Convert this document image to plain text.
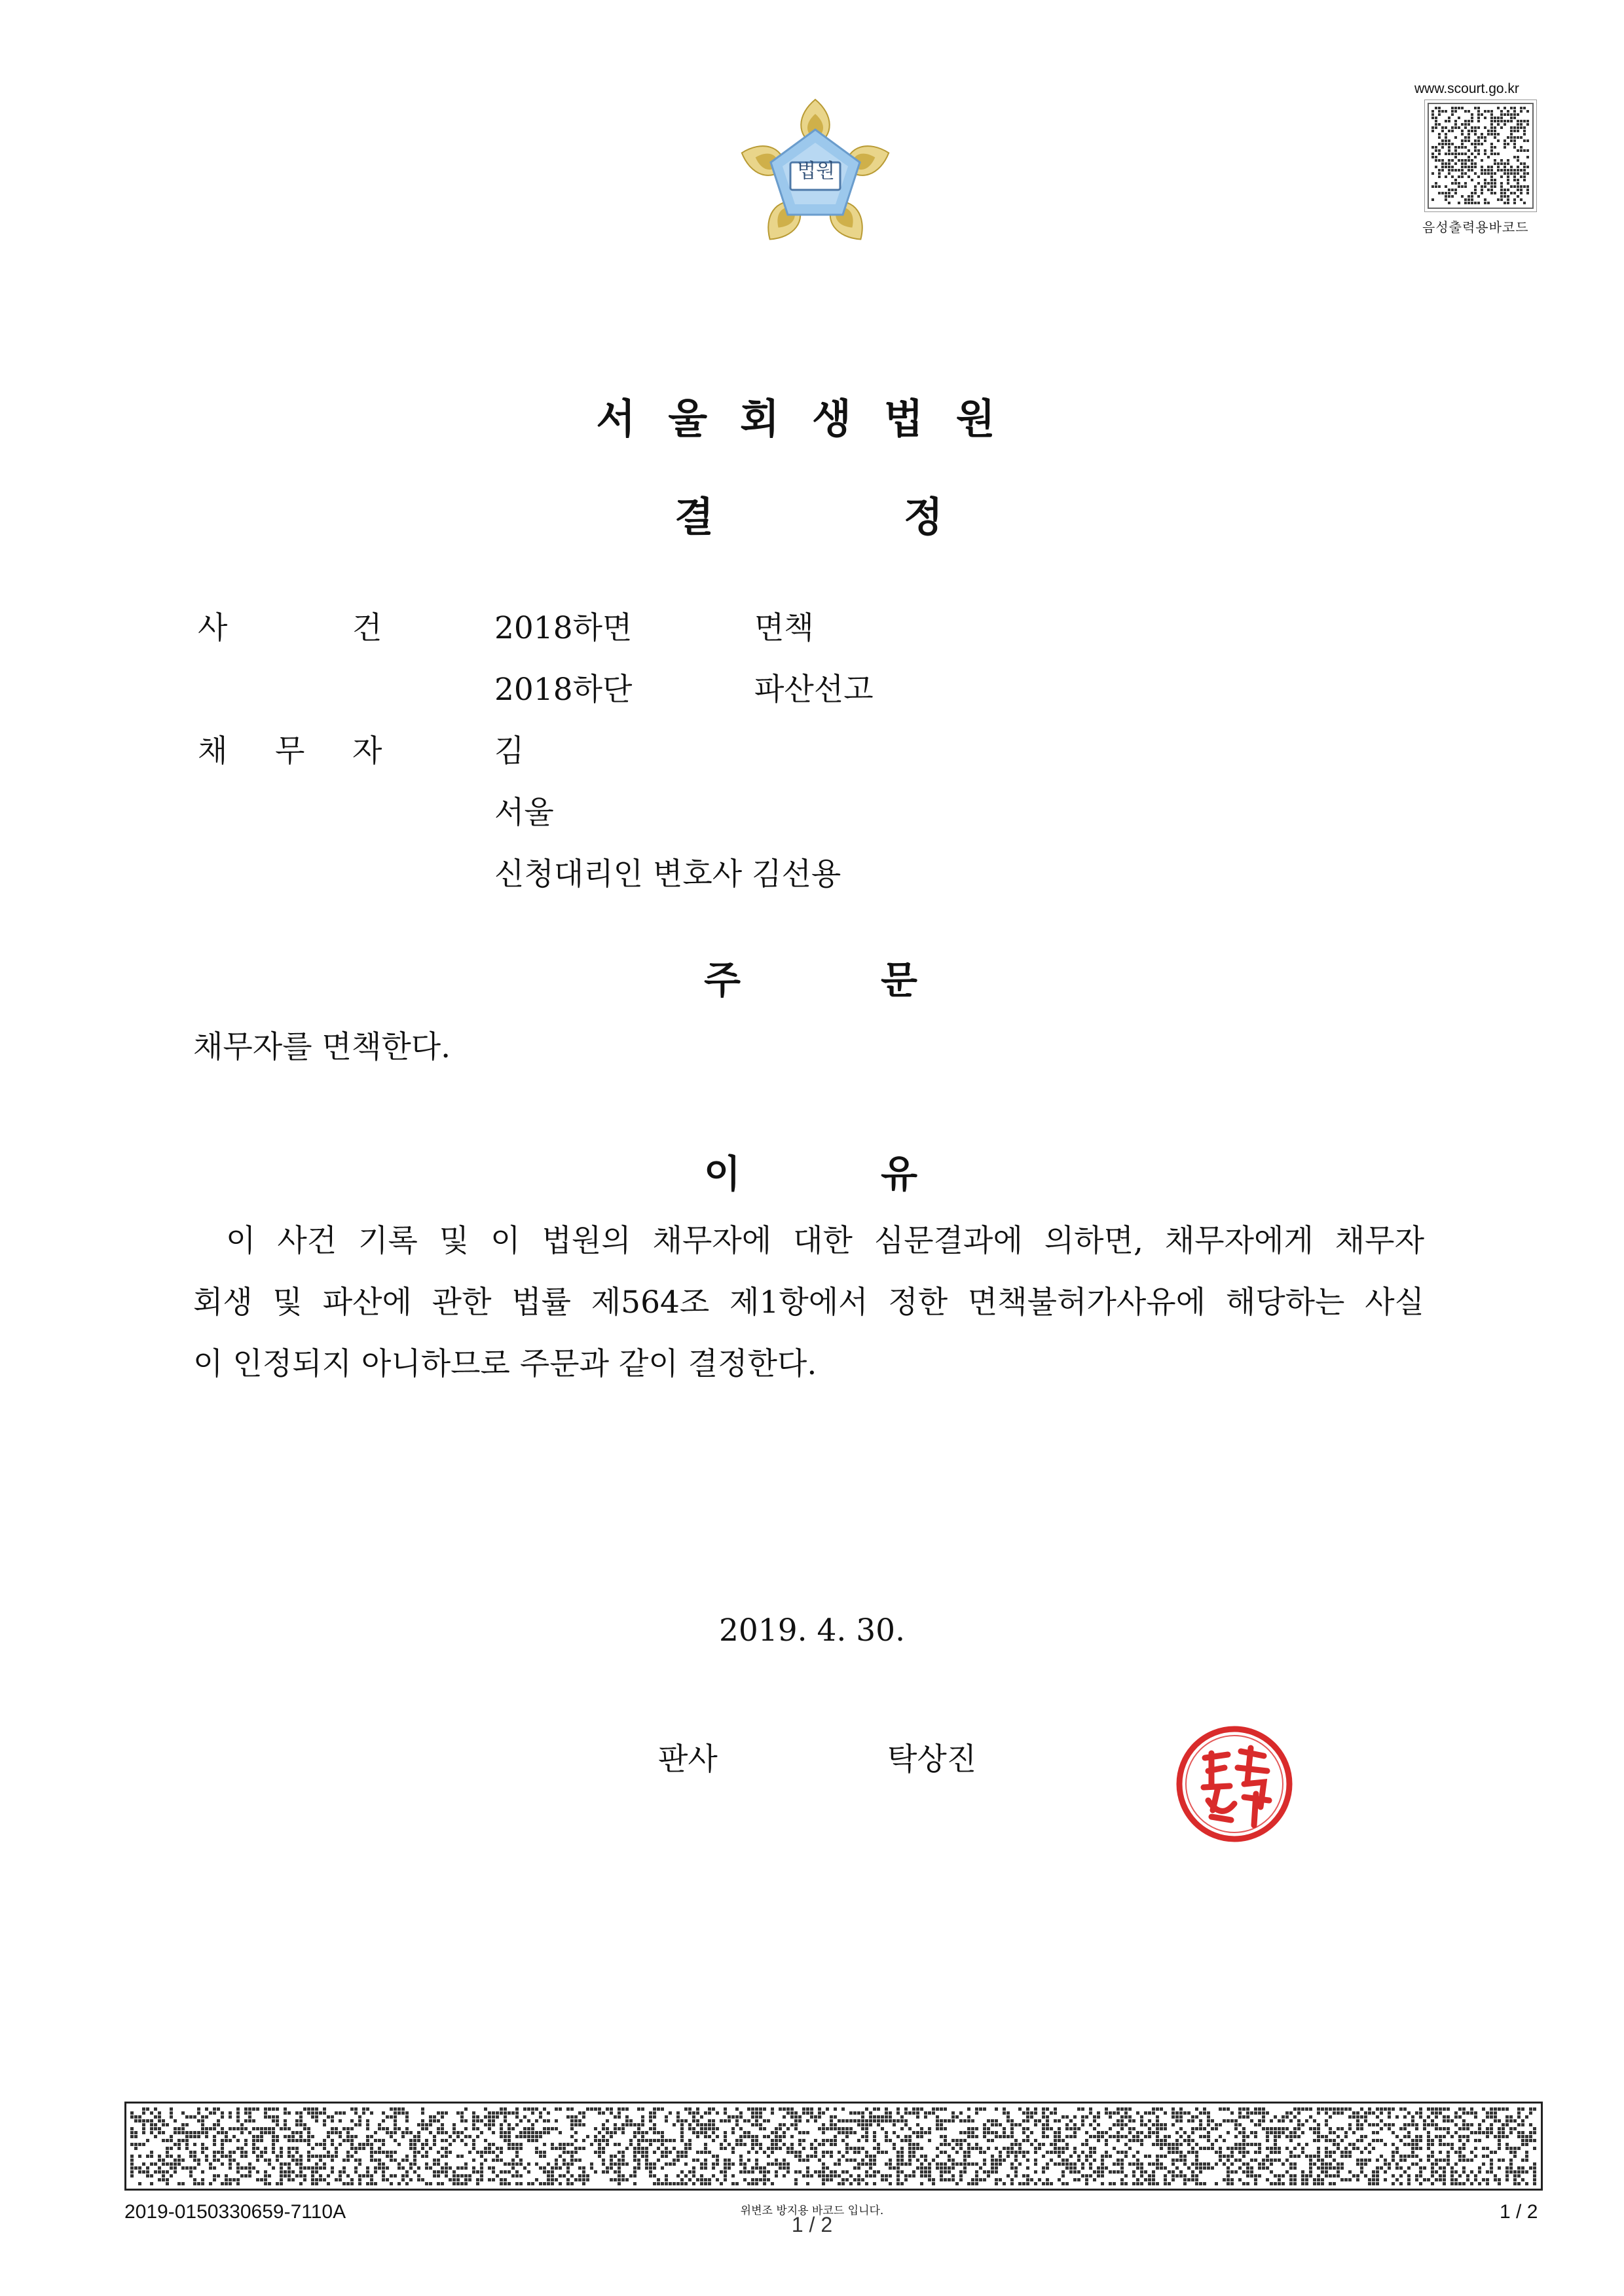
법원
www.scourt.go.kr
음성출력용바코드
서울회생법원
결	정
사	건	2018하면	면책
2018하단	파산선고
채 무 자	김
서울
신청대리인 변호사 김선용
주	문
채무자를 면책한다.
이	유
이 사건 기록 및 이 법원의 채무자에 대한 심문결과에 의하면, 채무자에게 채무자
회생 및 파산에 관한 법률 제564조 제1항에서 정한 면책불허가사유에 해당하는 사실
이 인정되지 아니하므로 주문과 같이 결정한다.
2019. 4. 30.
판사	탁상진
2019-0150330659-7110A	위변조 방지용 바코드 입니다.
1 / 2
1 / 2
